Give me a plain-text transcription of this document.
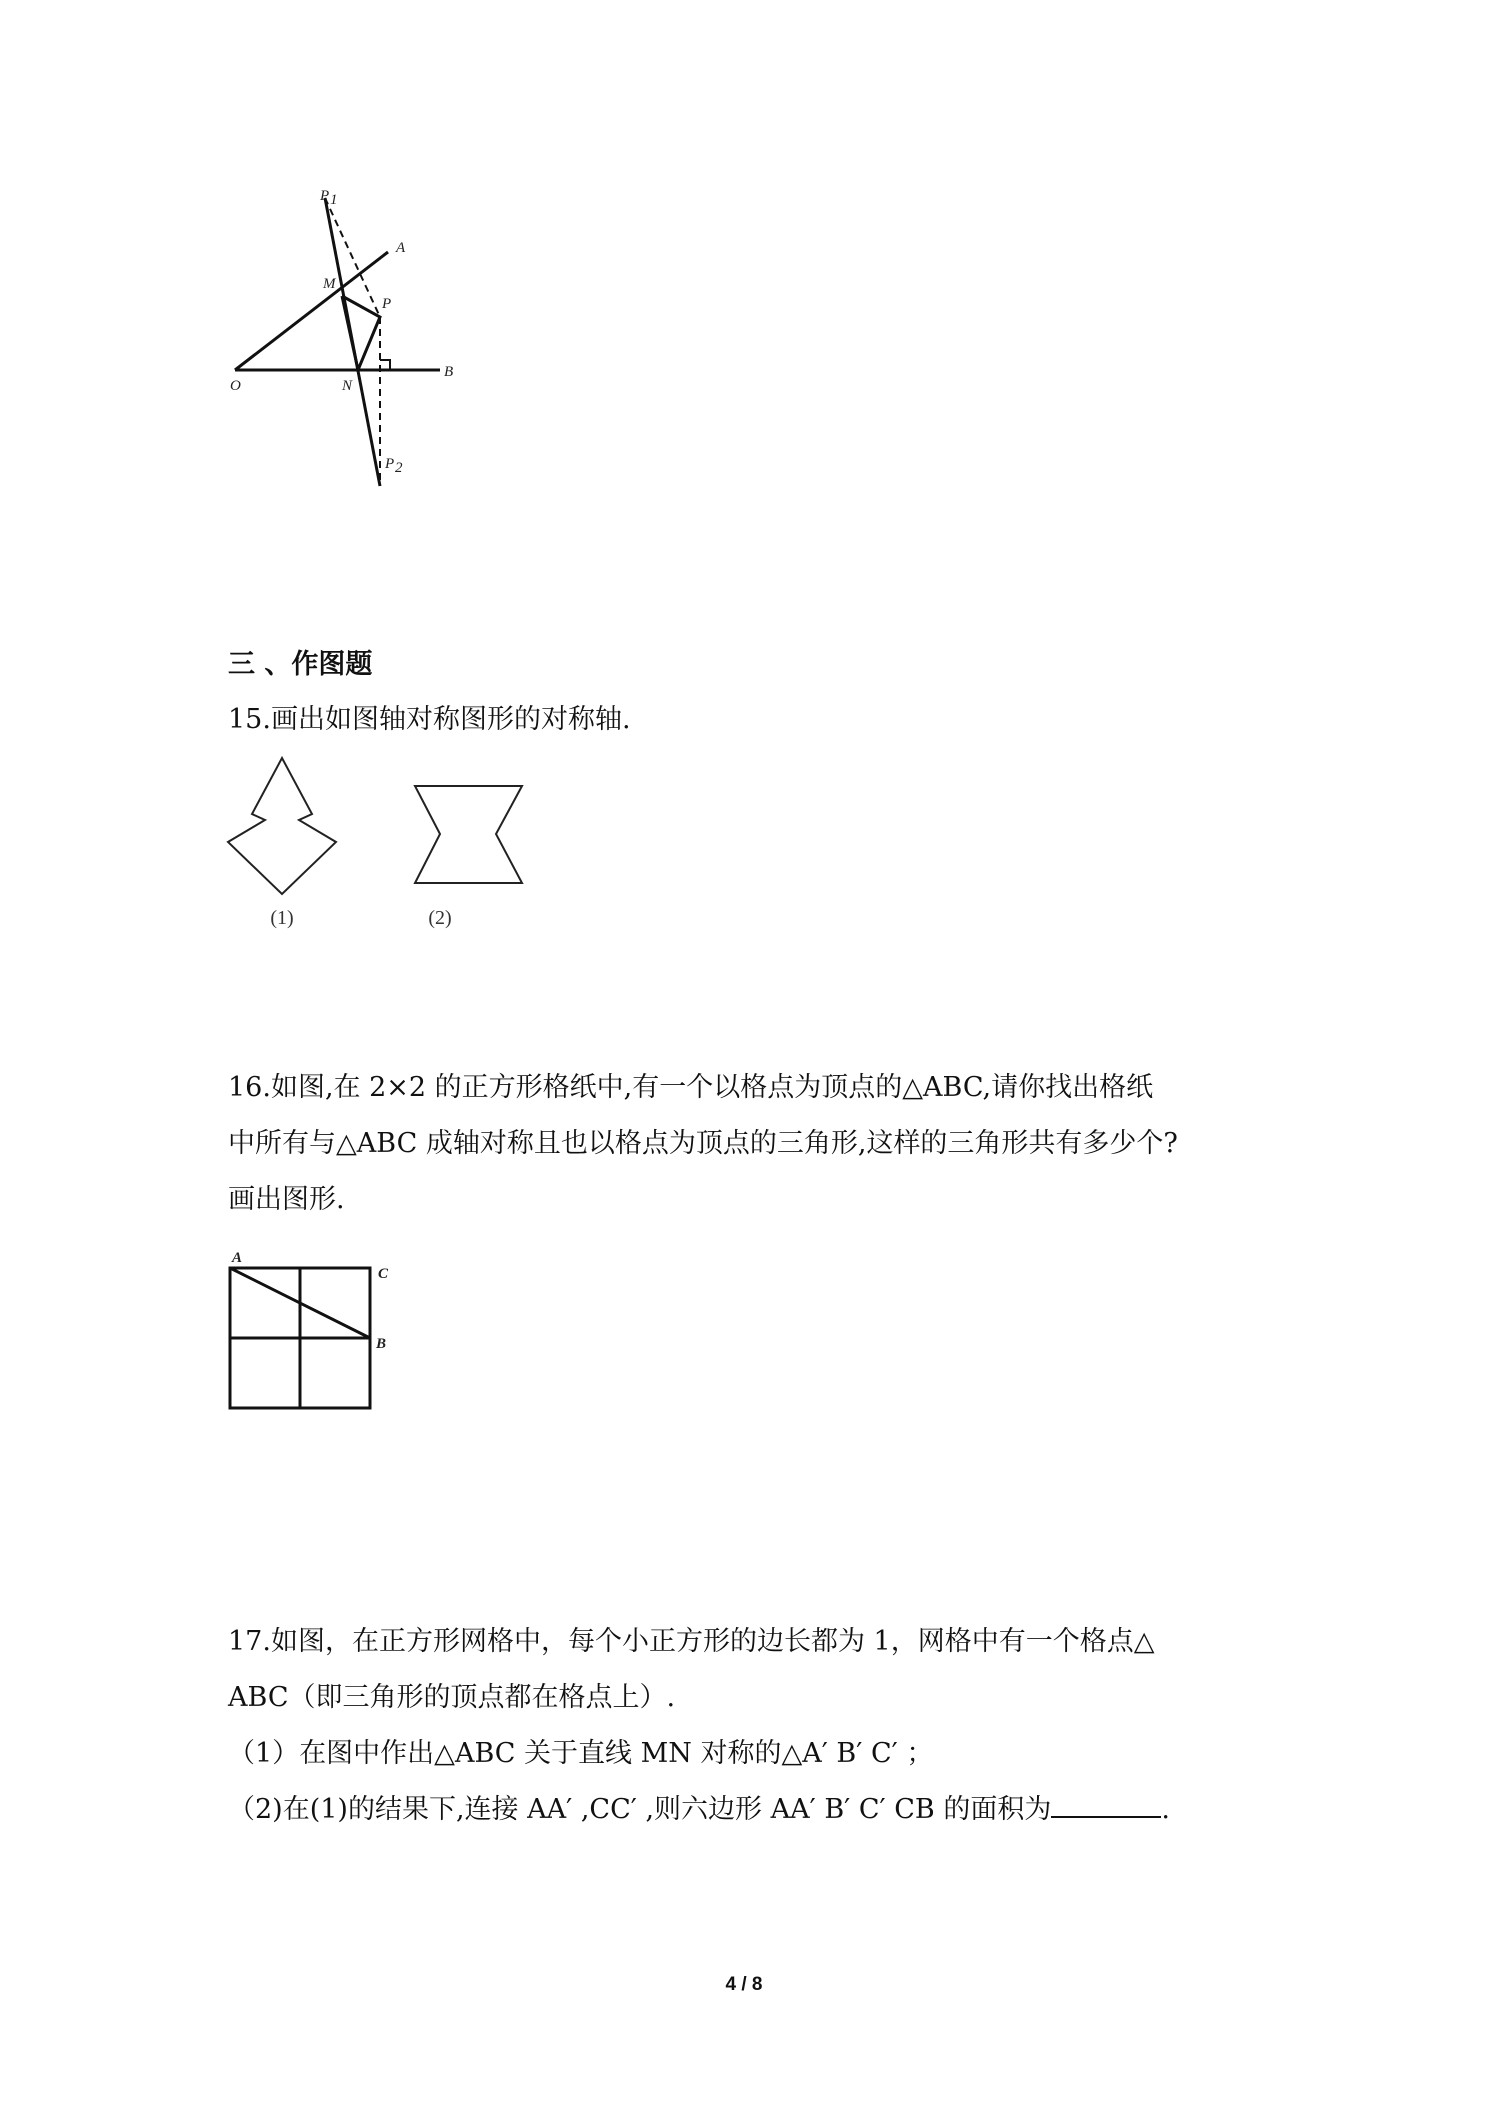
P 1
A
M
P
O	N
B
P 2
三 、作图题
15.画出如图轴对称图形的对称轴.
(1)	(2)
16.如图,在 2×2 的正方形格纸中,有一个以格点为顶点的△ABC,请你找出格纸
中所有与△ABC 成轴对称且也以格点为顶点的三角形,这样的三角形共有多少个?
画出图形.
A
C
B
17.如图，在正方形网格中，每个小正方形的边长都为 1，网格中有一个格点△
ABC（即三角形的顶点都在格点上）.
（1）在图中作出△ABC 关于直线 MN 对称的△A′ B′ C′ ；
（2)在(1)的结果下,连接 AA′ ,CC′ ,则六边形 AA′ B′ C′ CB 的面积为	.
4 / 8
